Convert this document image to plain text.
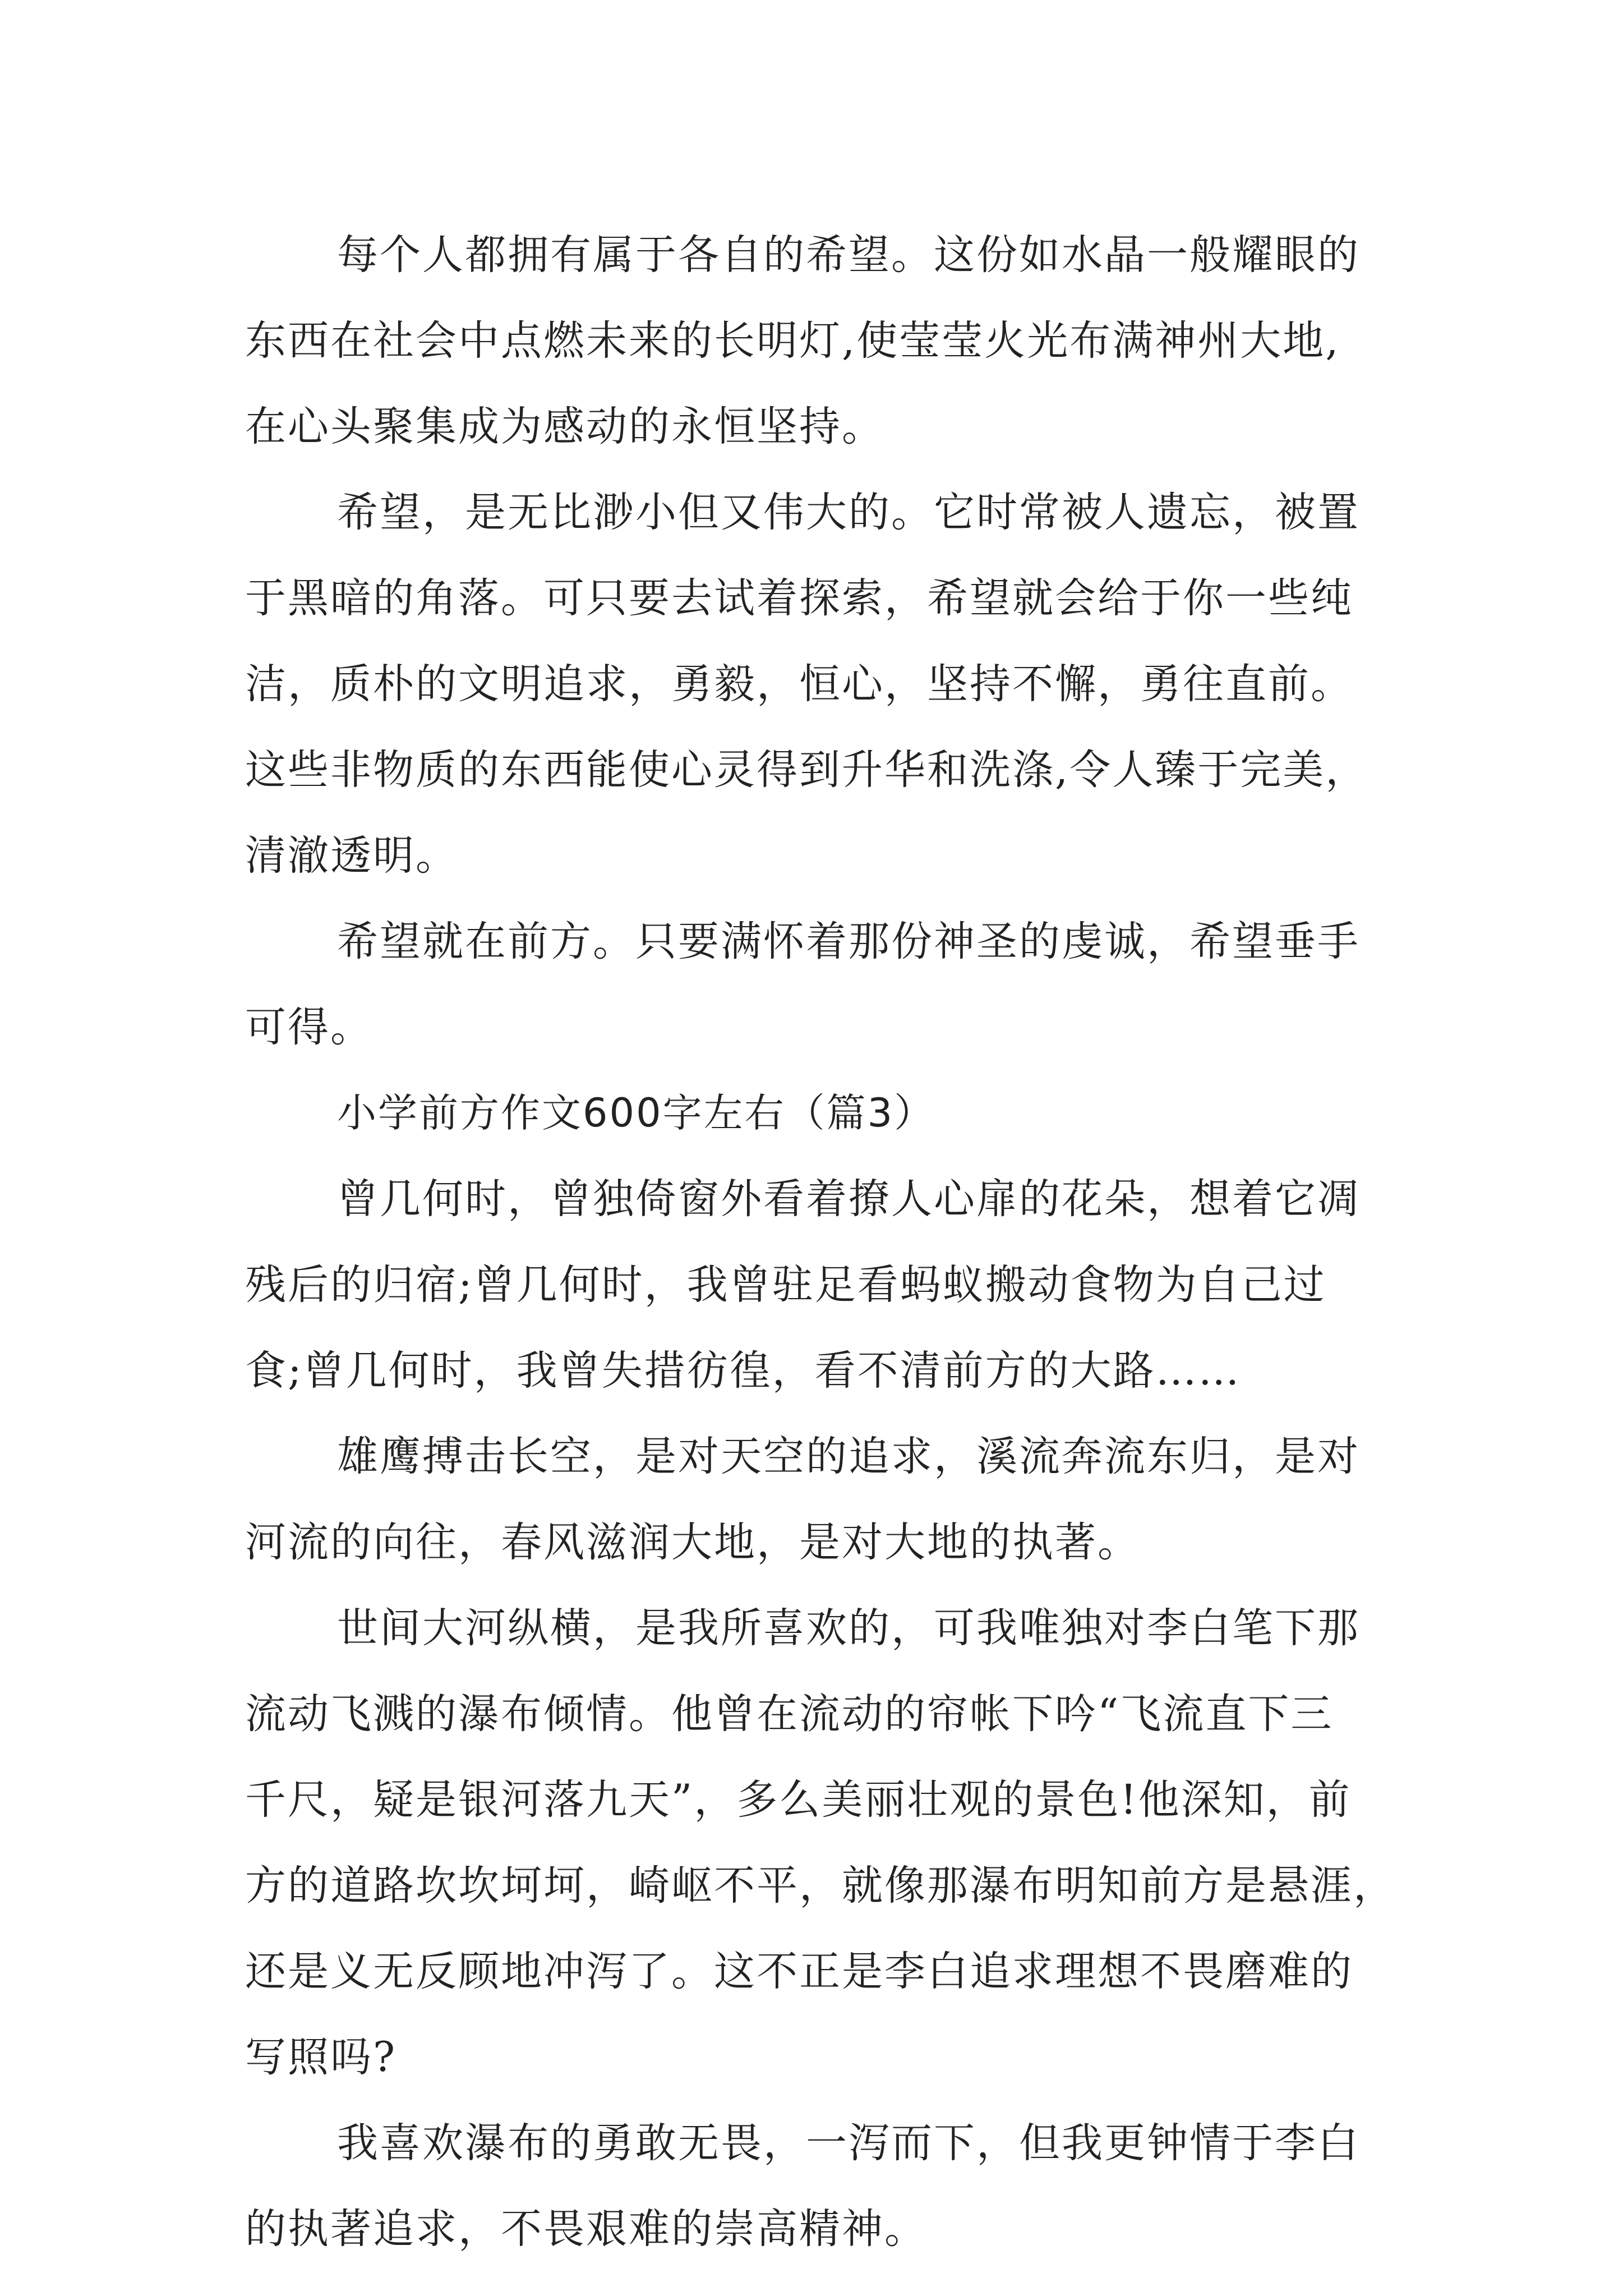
每个人都拥有属于各自的希望。这份如水晶一般耀眼的
东西在社会中点燃未来的长明灯,使莹莹火光布满神州大地,
在心头聚集成为感动的永恒坚持。
希望，是无比渺小但又伟大的。它时常被人遗忘，被置
于黑暗的角落。可只要去试着探索，希望就会给于你一些纯
洁，质朴的文明追求，勇毅，恒心，坚持不懈，勇往直前。
这些非物质的东西能使心灵得到升华和洗涤,令人臻于完美，
清澈透明。
希望就在前方。只要满怀着那份神圣的虔诚，希望垂手
可得。
小学前方作文600字左右（篇3）
曾几何时，曾独倚窗外看着撩人心扉的花朵，想着它凋
残后的归宿;曾几何时，我曾驻足看蚂蚁搬动食物为自己过
食;曾几何时，我曾失措彷徨，看不清前方的大路……
雄鹰搏击长空，是对天空的追求，溪流奔流东归，是对
河流的向往，春风滋润大地，是对大地的执著。
世间大河纵横，是我所喜欢的，可我唯独对李白笔下那
流动飞溅的瀑布倾情。他曾在流动的帘帐下吟“飞流直下三
千尺，疑是银河落九天”，多么美丽壮观的景色!他深知，前
方的道路坎坎坷坷，崎岖不平，就像那瀑布明知前方是悬涯，
还是义无反顾地冲泻了。这不正是李白追求理想不畏磨难的
写照吗?
我喜欢瀑布的勇敢无畏，一泻而下，但我更钟情于李白
的执著追求，不畏艰难的崇高精神。
